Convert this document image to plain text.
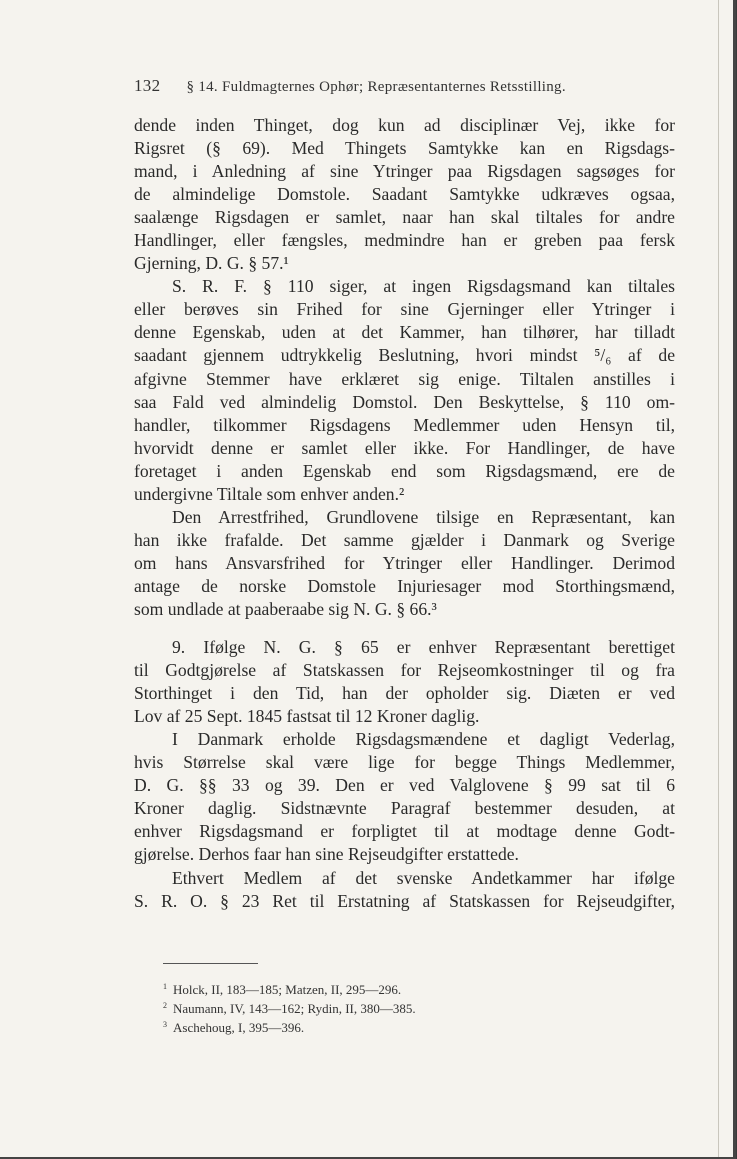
132 § 14. Fuldmagternes Ophør; Repræsentanternes Retsstilling.
dende inden Thinget, dog kun ad disciplinær Vej, ikke for
Rigsret (§ 69). Med Thingets Samtykke kan en Rigsdags-
mand, i Anledning af sine Ytringer paa Rigsdagen sagsøges for
de almindelige Domstole. Saadant Samtykke udkræves ogsaa,
saalænge Rigsdagen er samlet, naar han skal tiltales for andre
Handlinger, eller fængsles, medmindre han er greben paa fersk
Gjerning, D. G. § 57.¹
S. R. F. § 110 siger, at ingen Rigsdagsmand kan tiltales
eller berøves sin Frihed for sine Gjerninger eller Ytringer i
denne Egenskab, uden at det Kammer, han tilhører, har tilladt
saadant gjennem udtrykkelig Beslutning, hvori mindst ⁵/₆ af de
afgivne Stemmer have erklæret sig enige. Tiltalen anstilles i
saa Fald ved almindelig Domstol. Den Beskyttelse, § 110 om-
handler, tilkommer Rigsdagens Medlemmer uden Hensyn til,
hvorvidt denne er samlet eller ikke. For Handlinger, de have
foretaget i anden Egenskab end som Rigsdagsmænd, ere de
undergivne Tiltale som enhver anden.²
Den Arrestfrihed, Grundlovene tilsige en Repræsentant, kan
han ikke frafalde. Det samme gjælder i Danmark og Sverige
om hans Ansvarsfrihed for Ytringer eller Handlinger. Derimod
antage de norske Domstole Injuriesager mod Storthingsmænd,
som undlade at paaberaabe sig N. G. § 66.³
9. Ifølge N. G. § 65 er enhver Repræsentant berettiget
til Godtgjørelse af Statskassen for Rejseomkostninger til og fra
Storthinget i den Tid, han der opholder sig. Diæten er ved
Lov af 25 Sept. 1845 fastsat til 12 Kroner daglig.
I Danmark erholde Rigsdagsmændene et dagligt Vederlag,
hvis Størrelse skal være lige for begge Things Medlemmer,
D. G. §§ 33 og 39. Den er ved Valglovene § 99 sat til 6
Kroner daglig. Sidstnævnte Paragraf bestemmer desuden, at
enhver Rigsdagsmand er forpligtet til at modtage denne Godt-
gjørelse. Derhos faar han sine Rejseudgifter erstattede.
Ethvert Medlem af det svenske Andetkammer har ifølge
S. R. O. § 23 Ret til Erstatning af Statskassen for Rejseudgifter,
$^1$ Holck, II, 183—185; Matzen, II, 295—296.
$^2$ Naumann, IV, 143—162; Rydin, II, 380—385.
$^3$ Aschehoug, I, 395—396.
